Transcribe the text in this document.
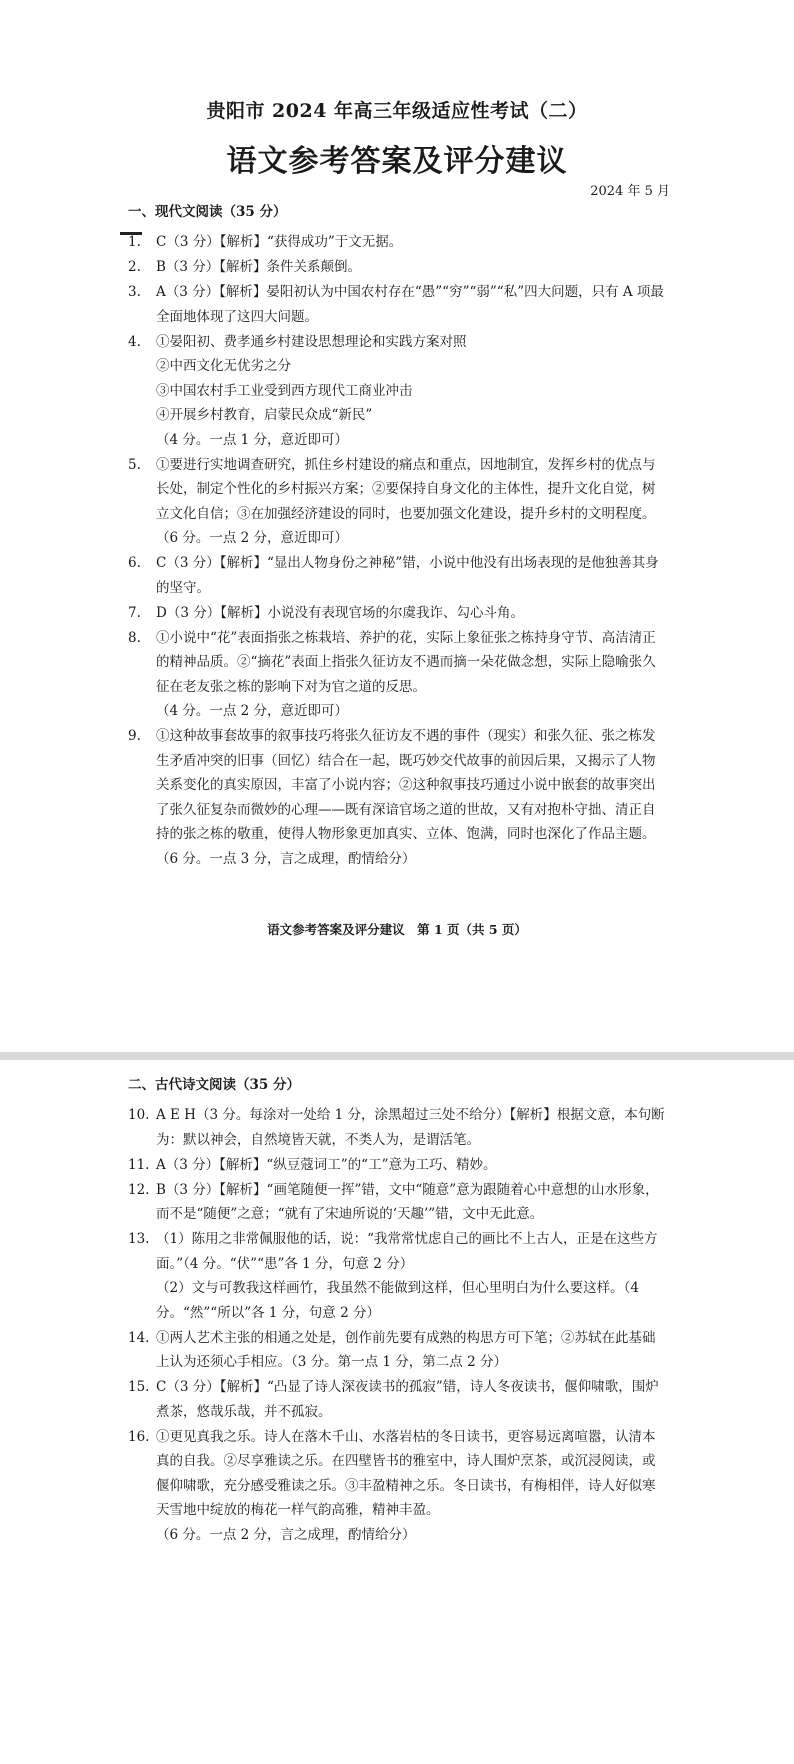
贵阳市 2024 年高三年级适应性考试（二）
语文参考答案及评分建议
2024 年 5 月
一、现代文阅读（35 分）
1.	C（3 分）【解析】“获得成功”于文无据。

2.	B（3 分）【解析】条件关系颠倒。

3.	A（3 分）【解析】晏阳初认为中国农村存在“愚”“穷”“弱”“私”四大问题，只有 A 项最全面地体现了这四大问题。

4.	①晏阳初、费孝通乡村建设思想理论和实践方案对照

②中西文化无优劣之分

③中国农村手工业受到西方现代工商业冲击

④开展乡村教育，启蒙民众成“新民”

（4 分。一点 1 分，意近即可）

5.	①要进行实地调查研究，抓住乡村建设的痛点和重点，因地制宜，发挥乡村的优点与长处，制定个性化的乡村振兴方案；②要保持自身文化的主体性，提升文化自觉，树立文化自信；③在加强经济建设的同时，也要加强文化建设，提升乡村的文明程度。

（6 分。一点 2 分，意近即可）

6.	C（3 分）【解析】“显出人物身份之神秘”错，小说中他没有出场表现的是他独善其身的坚守。

7.	D（3 分）【解析】小说没有表现官场的尔虞我诈、勾心斗角。

8.	①小说中“花”表面指张之栋栽培、养护的花，实际上象征张之栋持身守节、高洁清正的精神品质。②“摘花”表面上指张久征访友不遇而摘一朵花做念想，实际上隐喻张久征在老友张之栋的影响下对为官之道的反思。

（4 分。一点 2 分，意近即可）

9.	①这种故事套故事的叙事技巧将张久征访友不遇的事件（现实）和张久征、张之栋发生矛盾冲突的旧事（回忆）结合在一起，既巧妙交代故事的前因后果，又揭示了人物关系变化的真实原因，丰富了小说内容；②这种叙事技巧通过小说中嵌套的故事突出了张久征复杂而微妙的心理——既有深谙官场之道的世故，又有对抱朴守拙、清正自持的张之栋的敬重，使得人物形象更加真实、立体、饱满，同时也深化了作品主题。

（6 分。一点 3 分，言之成理，酌情给分）

语文参考答案及评分建议　第 1 页（共 5 页）
二、古代诗文阅读（35 分）
10. A E H（3 分。每涂对一处给 1 分，涂黑超过三处不给分）【解析】根据文意，本句断为：默以神会，自然境皆天就，不类人为，是谓活笔。

11. A（3 分）【解析】“纵豆蔻词工”的“工”意为工巧、精妙。

12. B（3 分）【解析】“画笔随便一挥”错，文中“随意”意为跟随着心中意想的山水形象，而不是“随便”之意；“就有了宋迪所说的‘天趣’”错，文中无此意。

13. （1）陈用之非常佩服他的话，说：“我常常忧虑自己的画比不上古人，正是在这些方面。”（4 分。“伏”“患”各 1 分，句意 2 分）

（2）文与可教我这样画竹，我虽然不能做到这样，但心里明白为什么要这样。（4 分。“然”“所以”各 1 分，句意 2 分）

14. ①两人艺术主张的相通之处是，创作前先要有成熟的构思方可下笔；②苏轼在此基础上认为还须心手相应。（3 分。第一点 1 分，第二点 2 分）

15. C（3 分）【解析】“凸显了诗人深夜读书的孤寂”错，诗人冬夜读书，偃仰啸歌，围炉煮茶，悠哉乐哉，并不孤寂。

16. ①更见真我之乐。诗人在落木千山、水落岩枯的冬日读书，更容易远离喧嚣，认清本真的自我。②尽享雅读之乐。在四壁皆书的雅室中，诗人围炉烹茶，或沉浸阅读，或偃仰啸歌，充分感受雅读之乐。③丰盈精神之乐。冬日读书，有梅相伴，诗人好似寒天雪地中绽放的梅花一样气韵高雅，精神丰盈。

（6 分。一点 2 分，言之成理，酌情给分）
